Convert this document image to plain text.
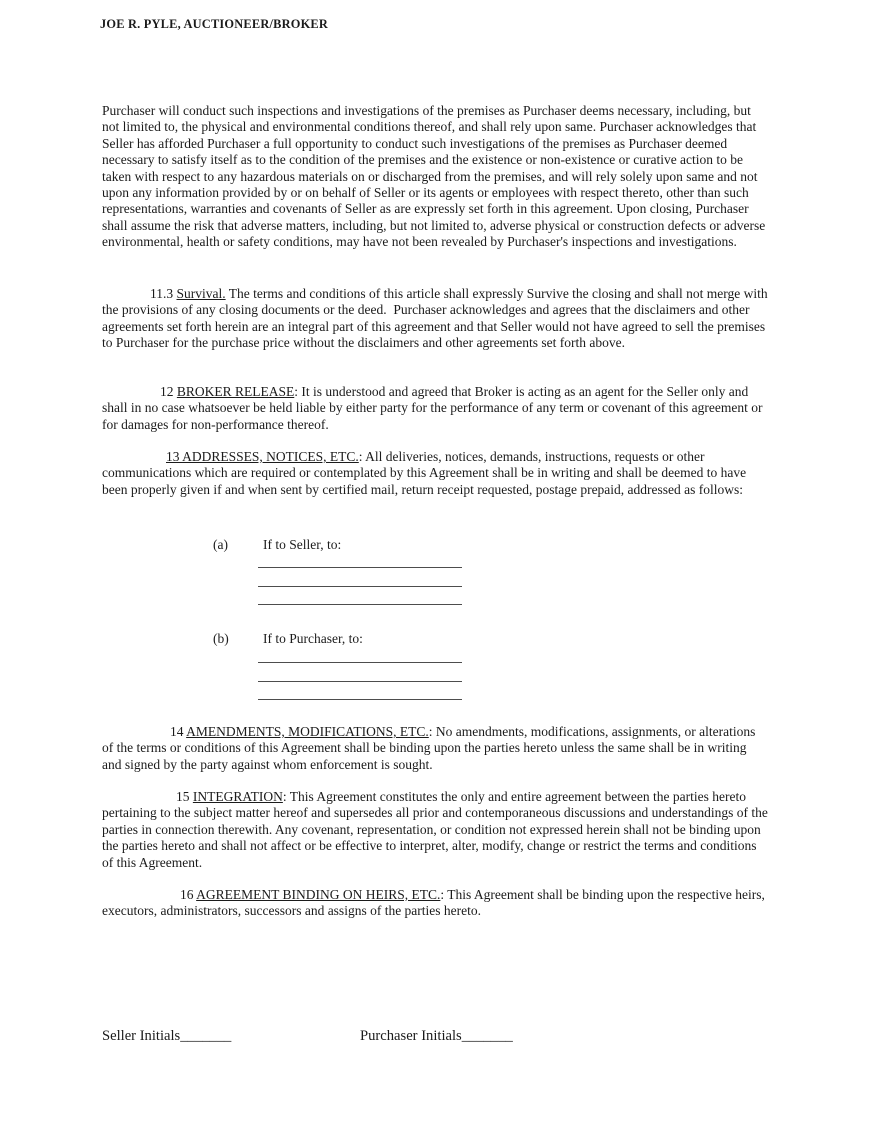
JOE R. PYLE, AUCTIONEER/BROKER

Purchaser will conduct such inspections and investigations of the premises as Purchaser deems necessary, including, but not limited to, the physical and environmental conditions thereof, and shall rely upon same. Purchaser acknowledges that Seller has afforded Purchaser a full opportunity to conduct such investigations of the premises as Purchaser deemed necessary to satisfy itself as to the condition of the premises and the existence or non-existence or curative action to be taken with respect to any hazardous materials on or discharged from the premises, and will rely solely upon same and not upon any information provided by or on behalf of Seller or its agents or employees with respect thereto, other than such representations, warranties and covenants of Seller as are expressly set forth in this agreement. Upon closing, Purchaser shall assume the risk that adverse matters, including, but not limited to, adverse physical or construction defects or adverse environmental, health or safety conditions, may have not been revealed by Purchaser's inspections and investigations.

11.3 Survival. The terms and conditions of this article shall expressly Survive the closing and shall not merge with the provisions of any closing documents or the deed.  Purchaser acknowledges and agrees that the disclaimers and other agreements set forth herein are an integral part of this agreement and that Seller would not have agreed to sell the premises to Purchaser for the purchase price without the disclaimers and other agreements set forth above.

12 BROKER RELEASE: It is understood and agreed that Broker is acting as an agent for the Seller only and shall in no case whatsoever be held liable by either party for the performance of any term or covenant of this agreement or for damages for non-performance thereof.

13 ADDRESSES, NOTICES, ETC.: All deliveries, notices, demands, instructions, requests or other communications which are required or contemplated by this Agreement shall be in writing and shall be deemed to have been properly given if and when sent by certified mail, return receipt requested, postage prepaid, addressed as follows:

(a)	If to Seller, to:
(b)	If to Purchaser, to:

14 AMENDMENTS, MODIFICATIONS, ETC.: No amendments, modifications, assignments, or alterations of the terms or conditions of this Agreement shall be binding upon the parties hereto unless the same shall be in writing and signed by the party against whom enforcement is sought.

15 INTEGRATION: This Agreement constitutes the only and entire agreement between the parties hereto pertaining to the subject matter hereof and supersedes all prior and contemporaneous discussions and understandings of the parties in connection therewith. Any covenant, representation, or condition not expressed herein shall not be binding upon the parties hereto and shall not affect or be effective to interpret, alter, modify, change or restrict the terms and conditions of this Agreement.

16 AGREEMENT BINDING ON HEIRS, ETC.: This Agreement shall be binding upon the respective heirs, executors, administrators, successors and assigns of the parties hereto.

Seller Initials_______	Purchaser Initials_______
